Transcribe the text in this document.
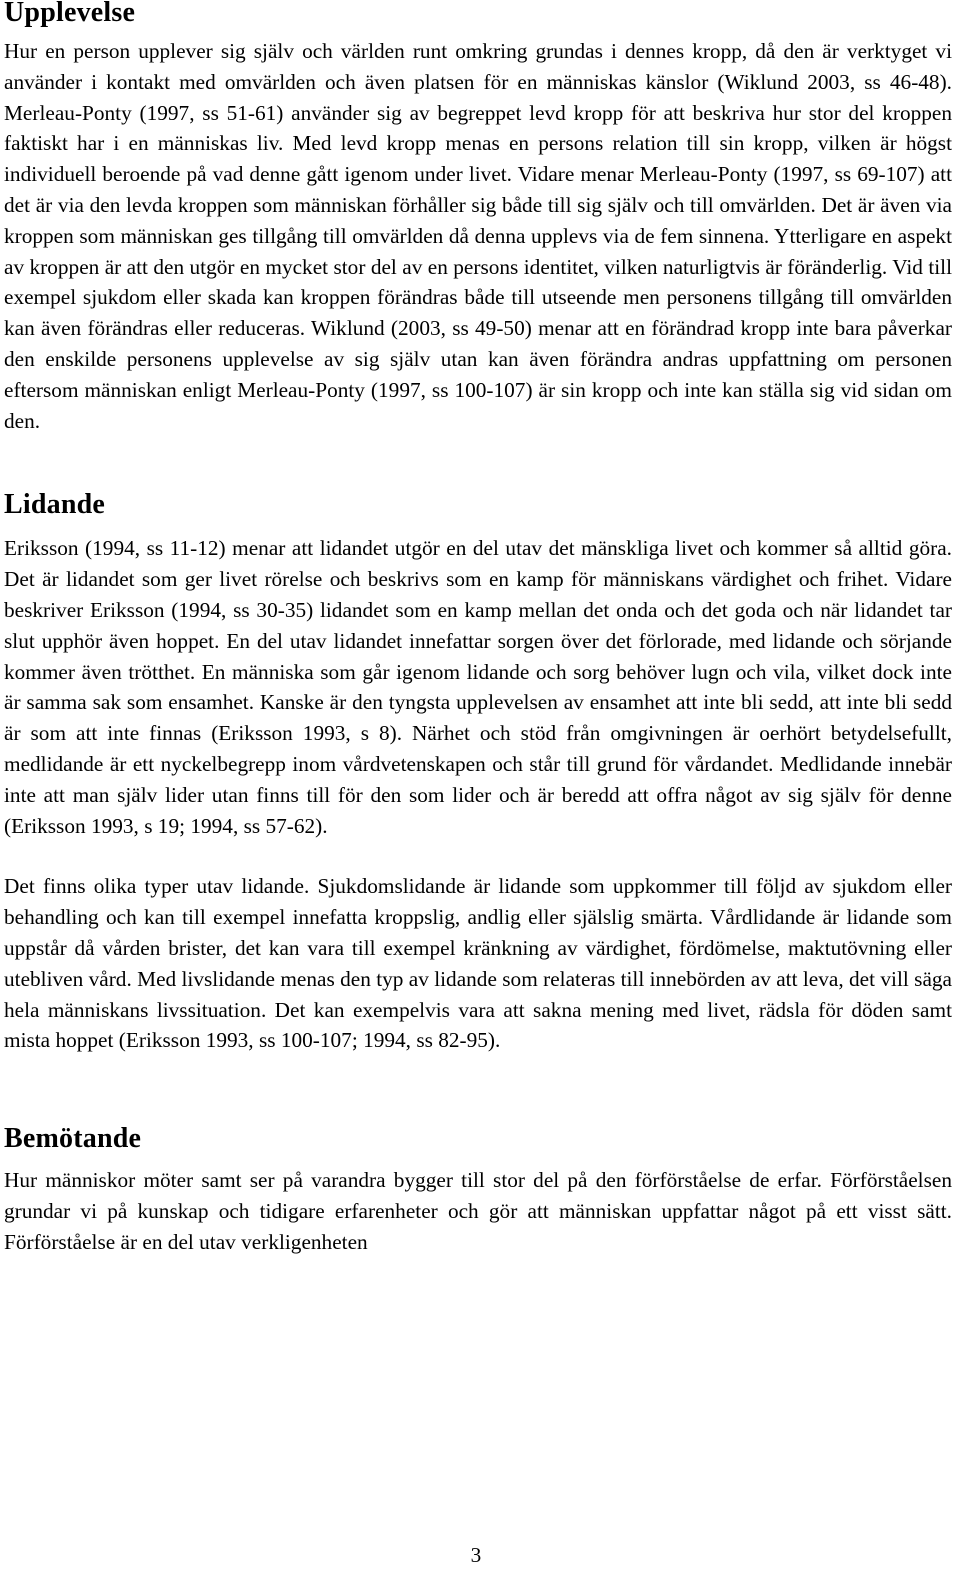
Upplevelse

Hur en person upplever sig själv och världen runt omkring grundas i dennes kropp, då den är verktyget vi använder i kontakt med omvärlden och även platsen för en människas känslor (Wiklund 2003, ss 46-48). Merleau-Ponty (1997, ss 51-61) använder sig av begreppet levd kropp för att beskriva hur stor del kroppen faktiskt har i en människas liv. Med levd kropp menas en persons relation till sin kropp, vilken är högst individuell beroende på vad denne gått igenom under livet. Vidare menar Merleau-Ponty (1997, ss 69-107) att det är via den levda kroppen som människan förhåller sig både till sig själv och till omvärlden. Det är även via kroppen som människan ges tillgång till omvärlden då denna upplevs via de fem sinnena. Ytterligare en aspekt av kroppen är att den utgör en mycket stor del av en persons identitet, vilken naturligtvis är föränderlig. Vid till exempel sjukdom eller skada kan kroppen förändras både till utseende men personens tillgång till omvärlden kan även förändras eller reduceras. Wiklund (2003, ss 49-50) menar att en förändrad kropp inte bara påverkar den enskilde personens upplevelse av sig själv utan kan även förändra andras uppfattning om personen eftersom människan enligt Merleau-Ponty (1997, ss 100-107) är sin kropp och inte kan ställa sig vid sidan om den.

Lidande

Eriksson (1994, ss 11-12) menar att lidandet utgör en del utav det mänskliga livet och kommer så alltid göra. Det är lidandet som ger livet rörelse och beskrivs som en kamp för människans värdighet och frihet. Vidare beskriver Eriksson (1994, ss 30-35) lidandet som en kamp mellan det onda och det goda och när lidandet tar slut upphör även hoppet. En del utav lidandet innefattar sorgen över det förlorade, med lidande och sörjande kommer även trötthet. En människa som går igenom lidande och sorg behöver lugn och vila, vilket dock inte är samma sak som ensamhet. Kanske är den tyngsta upplevelsen av ensamhet att inte bli sedd, att inte bli sedd är som att inte finnas (Eriksson 1993, s 8). Närhet och stöd från omgivningen är oerhört betydelsefullt, medlidande är ett nyckelbegrepp inom vårdvetenskapen och står till grund för vårdandet. Medlidande innebär inte att man själv lider utan finns till för den som lider och är beredd att offra något av sig själv för denne (Eriksson 1993, s 19; 1994, ss 57-62).

Det finns olika typer utav lidande. Sjukdomslidande är lidande som uppkommer till följd av sjukdom eller behandling och kan till exempel innefatta kroppslig, andlig eller själslig smärta. Vårdlidande är lidande som uppstår då vården brister, det kan vara till exempel kränkning av värdighet, fördömelse, maktutövning eller utebliven vård. Med livslidande menas den typ av lidande som relateras till innebörden av att leva, det vill säga hela människans livssituation. Det kan exempelvis vara att sakna mening med livet, rädsla för döden samt mista hoppet (Eriksson 1993, ss 100-107; 1994, ss 82-95).

Bemötande

Hur människor möter samt ser på varandra bygger till stor del på den förförståelse de erfar. Förförståelsen grundar vi på kunskap och tidigare erfarenheter och gör att människan uppfattar något på ett visst sätt. Förförståelse är en del utav verkligenheten

3
